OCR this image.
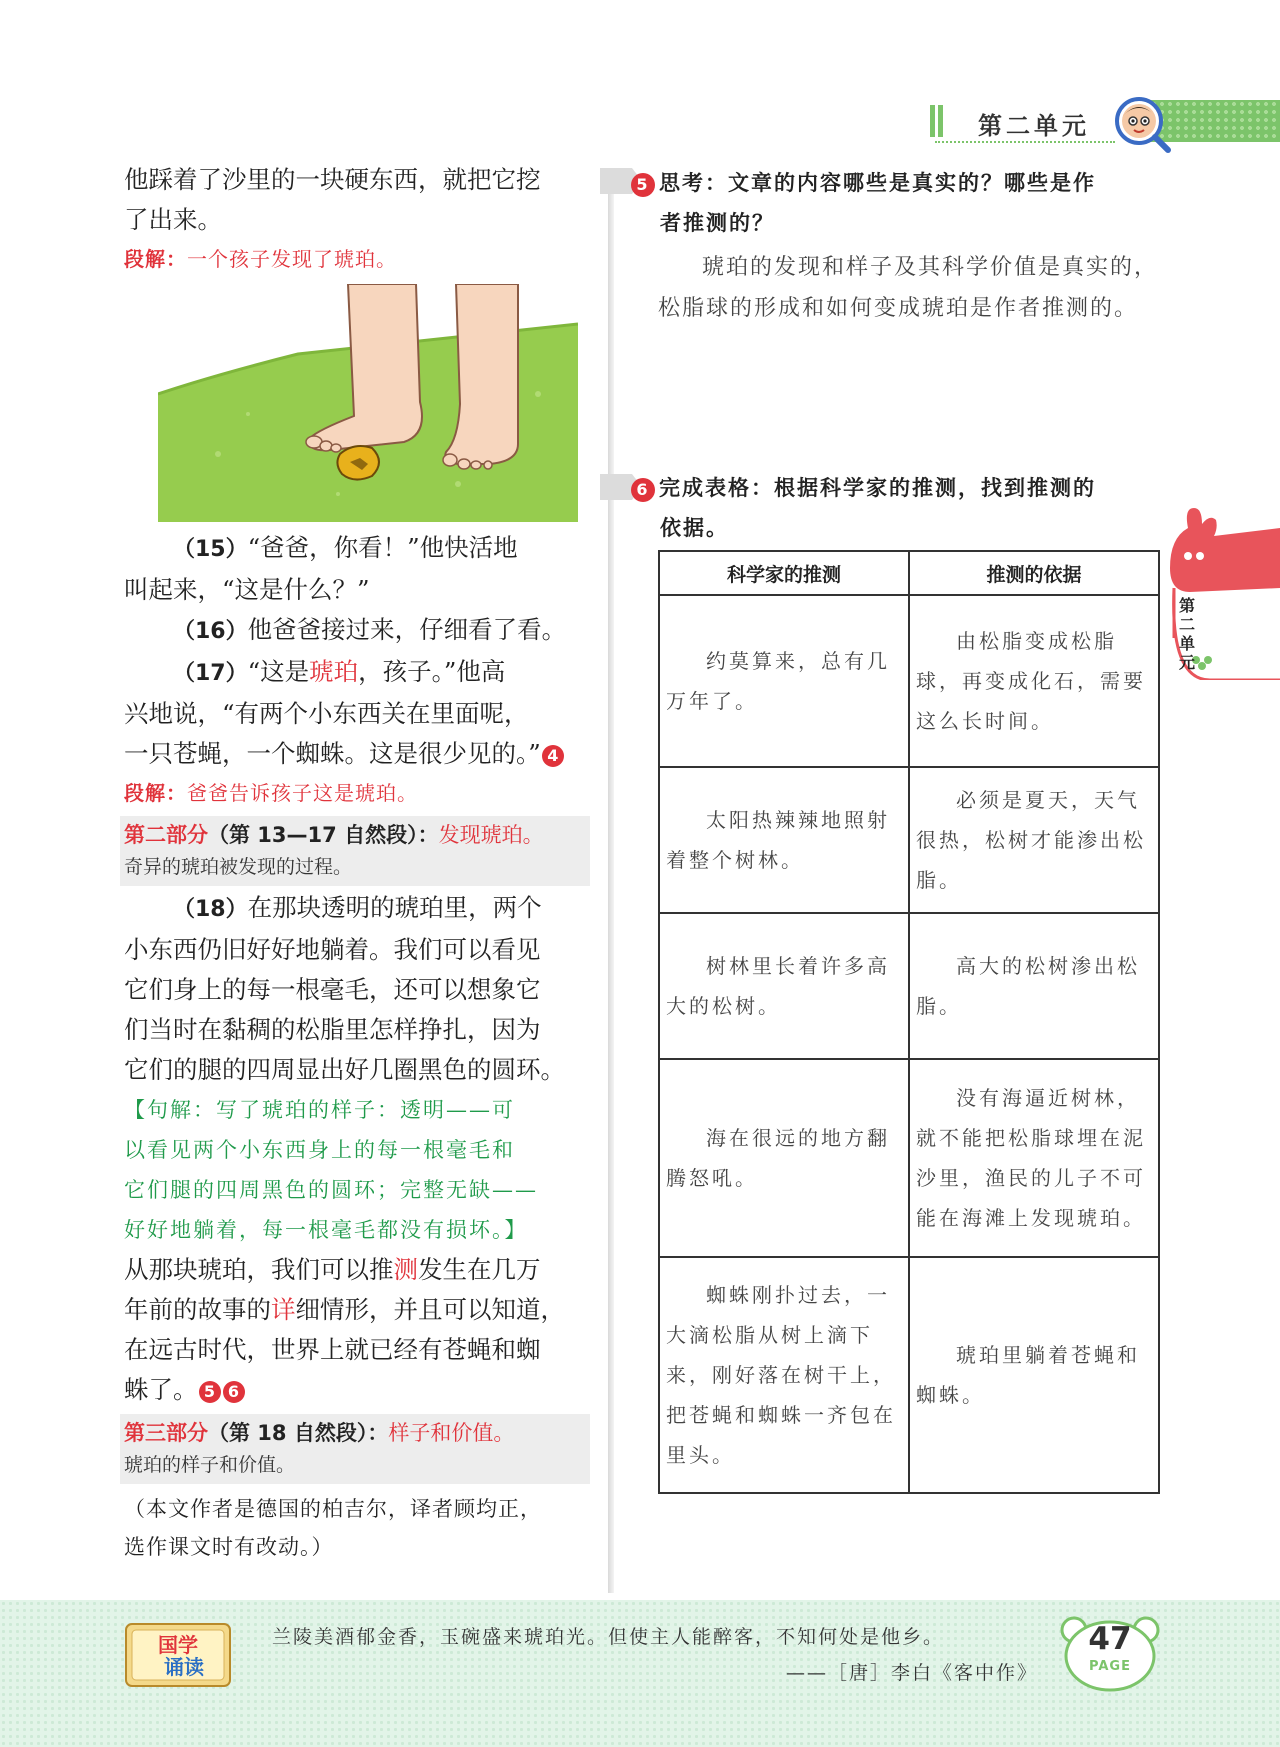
第二单元

他踩着了沙里的一块硬东西，就把它挖

了出来。

段解：一个孩子发现了琥珀。

（15）“爸爸，你看！”他快活地

叫起来，“这是什么？”

（16）他爸爸接过来，仔细看了看。

（17）“这是琥珀，孩子。”他高

兴地说，“有两个小东西关在里面呢，

一只苍蝇，一个蜘蛛。这是很少见的。” 4

段解：爸爸告诉孩子这是琥珀。

第二部分（第 13—17 自然段）：发现琥珀。

奇异的琥珀被发现的过程。

（18）在那块透明的琥珀里，两个

小东西仍旧好好地躺着。我们可以看见

它们身上的每一根毫毛，还可以想象它

们当时在黏稠的松脂里怎样挣扎，因为

它们的腿的四周显出好几圈黑色的圆环。

【句解：写了琥珀的样子：透明——可

以看见两个小东西身上的每一根毫毛和

它们腿的四周黑色的圆环；完整无缺——

好好地躺着，每一根毫毛都没有损坏。】

从那块琥珀，我们可以推测发生在几万

年前的故事的详细情形，并且可以知道，

在远古时代，世界上就已经有苍蝇和蜘

蛛了。 5 6

第三部分（第 18 自然段）：样子和价值。

琥珀的样子和价值。

（本文作者是德国的柏吉尔，译者顾均正，
选作课文时有改动。）

5 思考：文章的内容哪些是真实的？哪些是作
者推测的？

琥珀的发现和样子及其科学价值是真实的，松脂球的形成和如何变成琥珀是作者推测的。

6 完成表格：根据科学家的推测，找到推测的
依据。
科学家的推测	推测的依据
约莫算来，总有几万年了。	由松脂变成松脂球，再变成化石，需要这么长时间。
太阳热辣辣地照射着整个树林。	必须是夏天，天气很热，松树才能渗出松脂。
树林里长着许多高大的松树。	高大的松树渗出松脂。
海在很远的地方翻腾怒吼。	没有海逼近树林，就不能把松脂球埋在泥沙里，渔民的儿子不可能在海滩上发现琥珀。
蜘蛛刚扑过去，一大滴松脂从树上滴下来，刚好落在树干上，把苍蝇和蜘蛛一齐包在里头。	琥珀里躺着苍蝇和蜘蛛。
第
二
单
元
国学
诵读
兰陵美酒郁金香，玉碗盛来琥珀光。但使主人能醉客，不知何处是他乡。
——［唐］李白《客中作》
47
PAGE
